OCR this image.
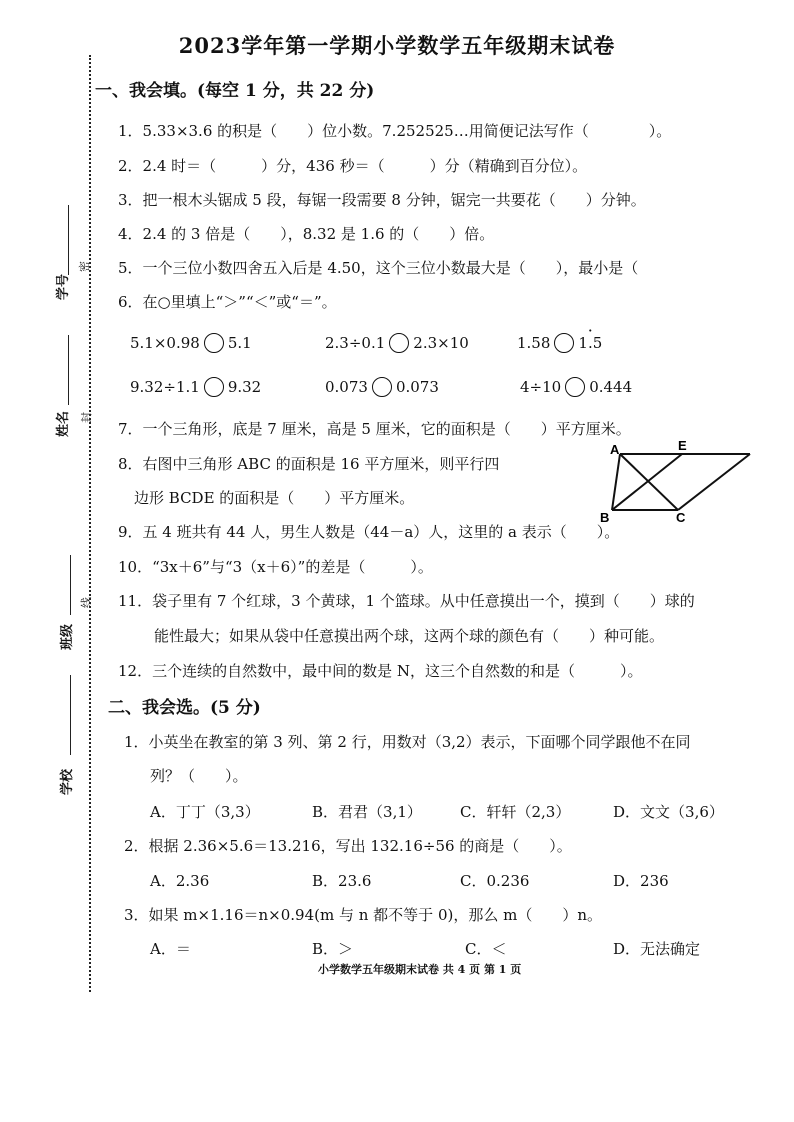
2023学年第一学期小学数学五年级期末试卷
学号
密
姓名 封
线
班级
学校
一、我会填。(每空 1 分，共 22 分)
1．5.33×3.6 的积是（　　）位小数。7.252525…用简便记法写作（　　　　）。
2．2.4 时＝（　　　）分，436 秒＝（　　　）分（精确到百分位）。
3．把一根木头锯成 5 段，每锯一段需要 8 分钟，锯完一共要花（　　）分钟。
4．2.4 的 3 倍是（　　），8.32 是 1.6 的（　　）倍。
5．一个三位小数四舍五入后是 4.50，这个三位小数最大是（　　），最小是（
6．在○里填上“＞”“＜”或“＝”。
5.1×0.98 5.1	2.3÷0.1 2.3×10	1.58 1.5 ·
9.32÷1.1 9.32	0.073 0.073	4÷10 0.444
7．一个三角形，底是 7 厘米，高是 5 厘米，它的面积是（　　）平方厘米。
8．右图中三角形 ABC 的面积是 16 平方厘米，则平行四
边形 BCDE 的面积是（　　）平方厘米。
A	E
B	C
9．五 4 班共有 44 人，男生人数是（44－a）人，这里的 a 表示（　　）。
10．“3x＋6”与“3（x＋6）”的差是（　　　）。
11．袋子里有 7 个红球，3 个黄球，1 个篮球。从中任意摸出一个，摸到（　　）球的
能性最大；如果从袋中任意摸出两个球，这两个球的颜色有（　　）种可能。
12．三个连续的自然数中，最中间的数是 N，这三个自然数的和是（　　　）。
二、我会选。(5 分)
1．小英坐在教室的第 3 列、第 2 行，用数对（3,2）表示，下面哪个同学跟他不在同
列？（　　）。
A．丁丁（3,3）	B．君君（3,1）	C．轩轩（2,3）	D．文文（3,6）
2．根据 2.36×5.6＝13.216，写出 132.16÷56 的商是（　　）。
A．2.36	B．23.6	C．0.236	D．236
3．如果 m×1.16＝n×0.94(m 与 n 都不等于 0)，那么 m（　　）n。
A．＝	B．＞	C．＜	D．无法确定
小学数学五年级期末试卷 共 4 页 第 1 页
